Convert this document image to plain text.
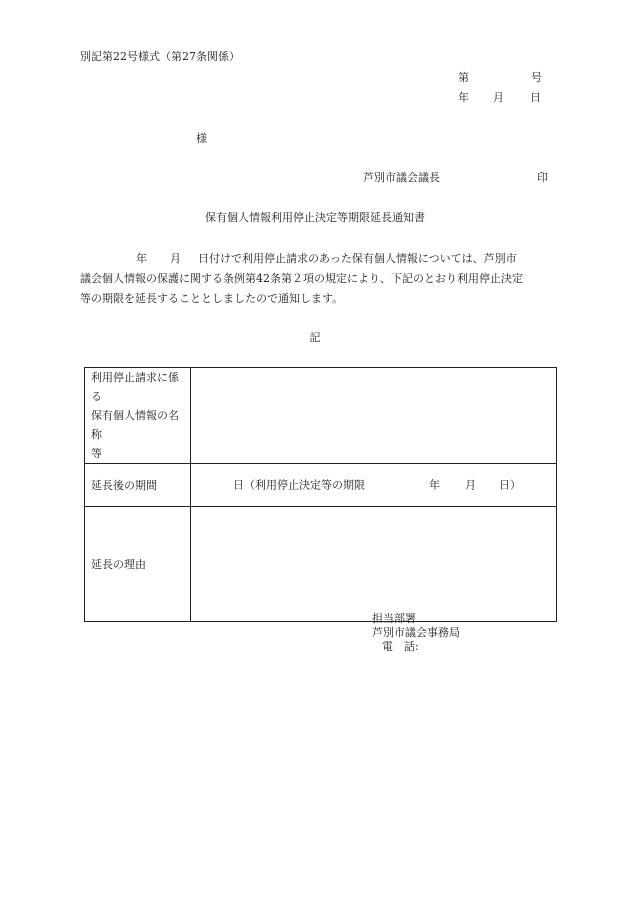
別記第22号様式（第27条関係）
第	号
年 月 日
様
芦別市議会議長	印
保有個人情報利用停止決定等期限延長通知書
年 月 日付けで利用停止請求のあった保有個人情報については、芦別市
議会個人情報の保護に関する条例第42条第２項の規定により、下記のとおり利用停止決定
等の期限を延長することとしましたので通知します。
記
利用停止請求に係る
保有個人情報の名称
等	

延長後の期間	日（利用停止決定等の期限 年 月 日）

延長の理由	
担当部署
芦別市議会事務局
電　話:
